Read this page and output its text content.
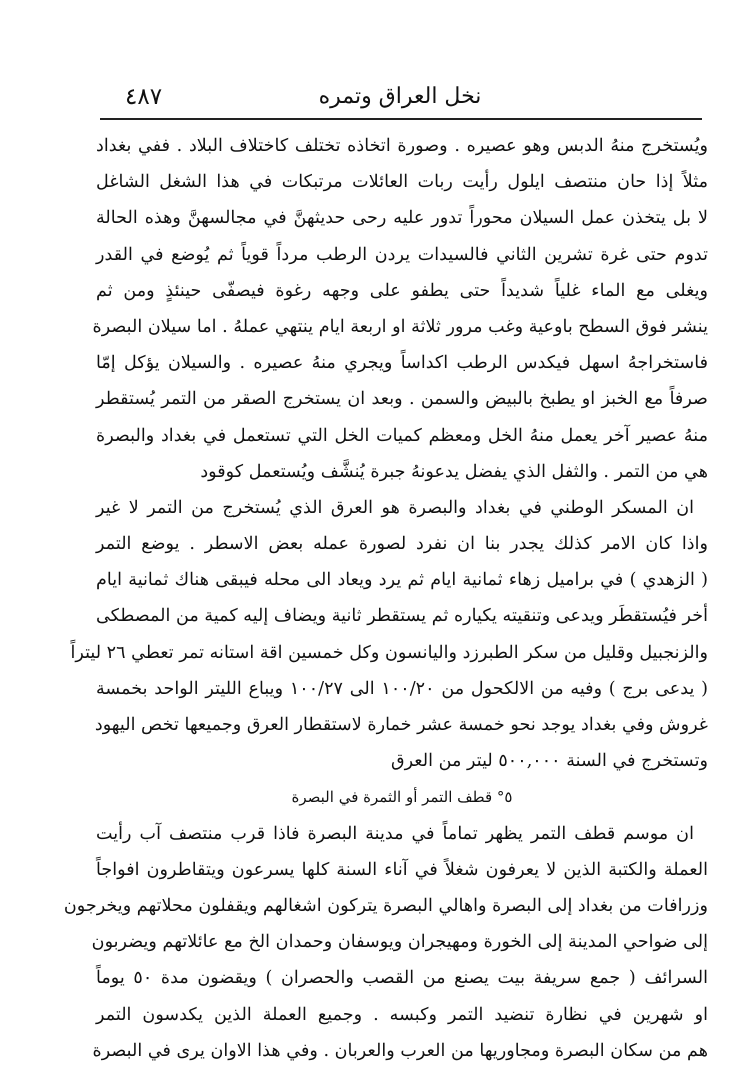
نخل العراق وتمره
٤٨٧
ويُستخرج منهُ الدبس وهو عصيره . وصورة اتخاذه تختلف كاختلاف البلاد . ففي بغداد
مثلاً إذا حان منتصف ايلول رأيت ربات العائلات مرتبكات في هذا الشغل الشاغل
لا بل يتخذن عمل السيلان محوراً تدور عليه رحى حديثهنَّ في مجالسهنَّ وهذه الحالة
تدوم حتى غرة تشرين الثاني فالسيدات يردن الرطب مرداً قوياً ثم يُوضع في القدر
ويغلى مع الماء غلياً شديداً حتى يطفو على وجهه رغوة فيصفّى حينئذٍ ومن ثم
ينشر فوق السطح باوعية وغب مرور ثلاثة او اربعة ايام ينتهي عملهُ . اما سيلان البصرة
فاستخراجهُ اسهل فيكدس الرطب اكداساً ويجري منهُ عصيره . والسيلان يؤكل إمّا
صرفاً مع الخبز او يطبخ بالبيض والسمن . وبعد ان يستخرج الصقر من التمر يُستقطر
منهُ عصير آخر يعمل منهُ الخل ومعظم كميات الخل التي تستعمل في بغداد والبصرة
هي من التمر . والثفل الذي يفضل يدعونهُ جبرة يُنشَّف ويُستعمل كوقود
ان المسكر الوطني في بغداد والبصرة هو العرق الذي يُستخرج من التمر لا غير
واذا كان الامر كذلك يجدر بنا ان نفرد لصورة عمله بعض الاسطر . يوضع التمر
( الزهدي ) في براميل زهاء ثمانية ايام ثم يرد ويعاد الى محله فيبقى هناك ثمانية ايام
أخر فيُستقطَر ويدعى وتنقيته يكياره ثم يستقطر ثانية ويضاف إليه كمية من المصطكى
والزنجبيل وقليل من سكر الطبرزد واليانسون وكل خمسين اقة استانه تمر تعطي ٢٦ ليتراً
( يدعى برج ) وفيه من الالكحول من ١٠٠/٢٠ الى ١٠٠/٢٧ ويباع الليتر الواحد بخمسة
غروش وفي بغداد يوجد نحو خمسة عشر خمارة لاستقطار العرق وجميعها تخص اليهود
وتستخرج في السنة ٥٠٠,٠٠٠ ليتر من العرق
٥° قطف التمر أو الثمرة في البصرة
ان موسم قطف التمر يظهر تماماً في مدينة البصرة فاذا قرب منتصف آب رأيت
العملة والكتبة الذين لا يعرفون شغلاً في آناء السنة كلها يسرعون ويتقاطرون افواجاً
وزرافات من بغداد إلى البصرة واهالي البصرة يتركون اشغالهم ويقفلون محلاتهم ويخرجون
إلى ضواحي المدينة إلى الخورة ومهيجران ويوسفان وحمدان الخ مع عائلاتهم ويضربون
السرائف ( جمع سريفة بيت يصنع من القصب والحصران ) ويقضون مدة ٥٠ يوماً
او شهرين في نظارة تنضيد التمر وكبسه . وجميع العملة الذين يكدسون التمر
هم من سكان البصرة ومجاوريها من العرب والعربان . وفي هذا الاوان يرى في البصرة
